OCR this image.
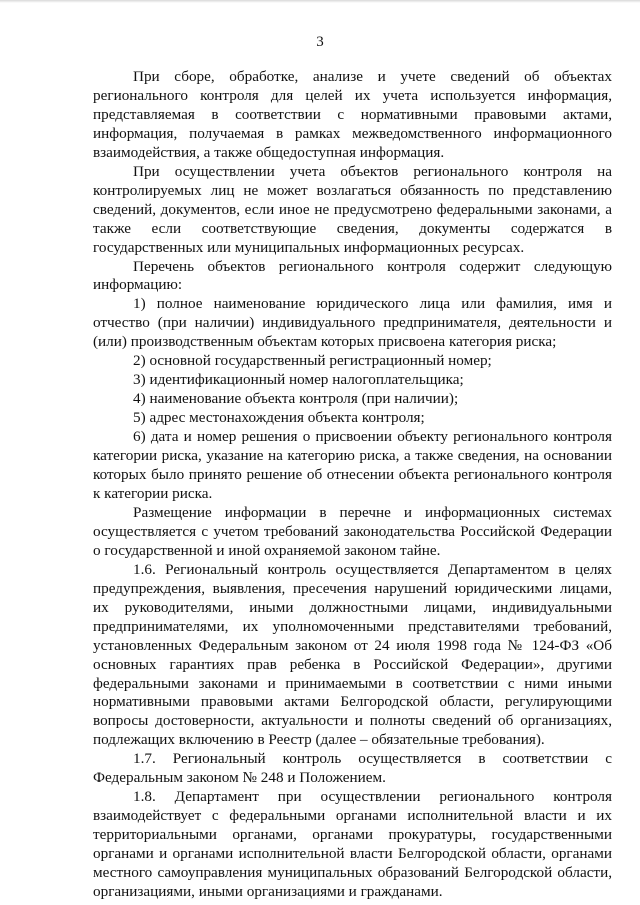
3

При сборе, обработке, анализе и учете сведений об объектах регионального контроля для целей их учета используется информация, представляемая в соответствии с нормативными правовыми актами, информация, получаемая в рамках межведомственного информационного взаимодействия, а также общедоступная информация.

При осуществлении учета объектов регионального контроля на контролируемых лиц не может возлагаться обязанность по представлению сведений, документов, если иное не предусмотрено федеральными законами, а также если соответствующие сведения, документы содержатся в государственных или муниципальных информационных ресурсах.

Перечень объектов регионального контроля содержит следующую информацию:

1) полное наименование юридического лица или фамилия, имя и отчество (при наличии) индивидуального предпринимателя, деятельности и (или) производственным объектам которых присвоена категория риска;

2) основной государственный регистрационный номер;

3) идентификационный номер налогоплательщика;

4) наименование объекта контроля (при наличии);

5) адрес местонахождения объекта контроля;

6) дата и номер решения о присвоении объекту регионального контроля категории риска, указание на категорию риска, а также сведения, на основании которых было принято решение об отнесении объекта регионального контроля к категории риска.

Размещение информации в перечне и информационных системах осуществляется с учетом требований законодательства Российской Федерации о государственной и иной охраняемой законом тайне.

1.6. Региональный контроль осуществляется Департаментом в целях предупреждения, выявления, пресечения нарушений юридическими лицами, их руководителями, иными должностными лицами, индивидуальными предпринимателями, их уполномоченными представителями требований, установленных Федеральным законом от 24 июля 1998 года № 124-ФЗ «Об основных гарантиях прав ребенка в Российской Федерации», другими федеральными законами и принимаемыми в соответствии с ними иными нормативными правовыми актами Белгородской области, регулирующими вопросы достоверности, актуальности и полноты сведений об организациях, подлежащих включению в Реестр (далее – обязательные требования).

1.7. Региональный контроль осуществляется в соответствии с Федеральным законом № 248 и Положением.

1.8. Департамент при осуществлении регионального контроля взаимодействует с федеральными органами исполнительной власти и их территориальными органами, органами прокуратуры, государственными органами и органами исполнительной власти Белгородской области, органами местного самоуправления муниципальных образований Белгородской области, организациями, иными организациями и гражданами.
